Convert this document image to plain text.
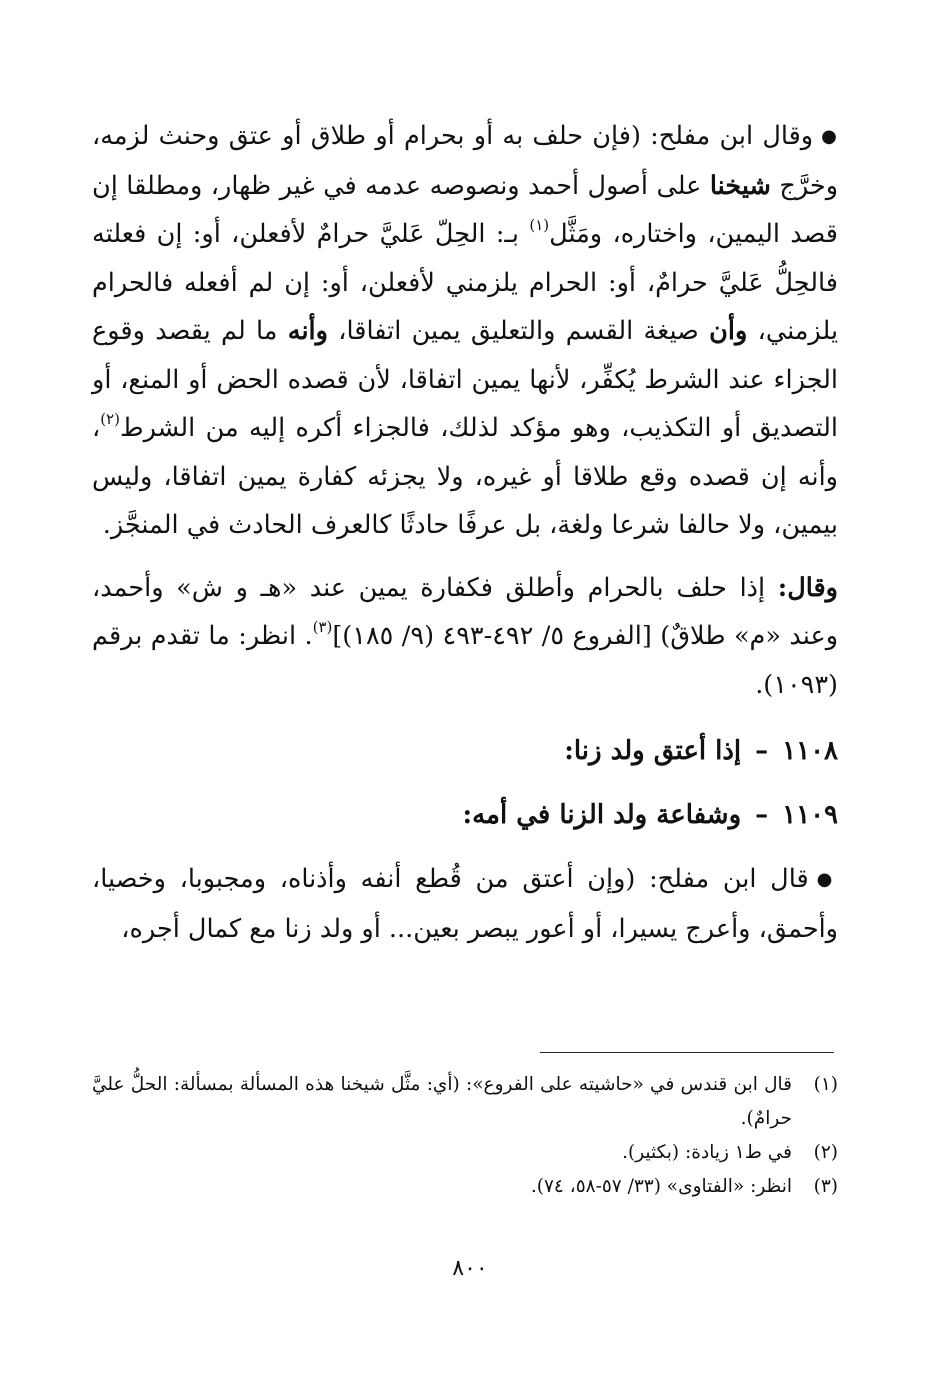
●وقال ابن مفلح: (فإن حلف به أو بحرام أو طلاق أو عتق وحنث لزمه، وخرَّج شيخنا على أصول أحمد ونصوصه عدمه في غير ظهار، ومطلقا إن قصد اليمين، واختاره، ومَثَّل$^{(١)}$ بـ: الحِلّ عَليَّ حرامٌ لأفعلن، أو: إن فعلته فالحِلُّ عَليَّ حرامٌ، أو: الحرام يلزمني لأفعلن، أو: إن لم أفعله فالحرام يلزمني، وأن صيغة القسم والتعليق يمين اتفاقا، وأنه ما لم يقصد وقوع الجزاء عند الشرط يُكفِّر، لأنها يمين اتفاقا، لأن قصده الحض أو المنع، أو التصديق أو التكذيب، وهو مؤكد لذلك، فالجزاء أكره إليه من الشرط$^{(٢)}$، وأنه إن قصده وقع طلاقا أو غيره، ولا يجزئه كفارة يمين اتفاقا، وليس بيمين، ولا حالفا شرعا ولغة، بل عرفًا حادثًا كالعرف الحادث في المنجَّز.

وقال: إذا حلف بالحرام وأطلق فكفارة يمين عند «هـ و ش» وأحمد، وعند «م» طلاقٌ) [الفروع ٥/ ٤٩٢-٤٩٣ (٩/ ١٨٥)]$^{(٣)}$. انظر: ما تقدم برقم (١٠٩٣).

١١٠٨–إذا أعتق ولد زنا:

١١٠٩–وشفاعة ولد الزنا في أمه:

●قال ابن مفلح: (وإن أعتق من قُطع أنفه وأذناه، ومجبوبا، وخصيا، وأحمق، وأعرج يسيرا، أو أعور يبصر بعين... أو ولد زنا مع كمال أجره،

(١)
قال ابن قندس في «حاشيته على الفروع»: (أي: مثَّل شيخنا هذه المسألة بمسألة: الحلُّ عليَّ حرامٌ).

(٢)
في ط١ زيادة: (بكثير).

(٣)
انظر: «الفتاوى» (٣٣/ ٥٧-٥٨، ٧٤).

٨٠٠
